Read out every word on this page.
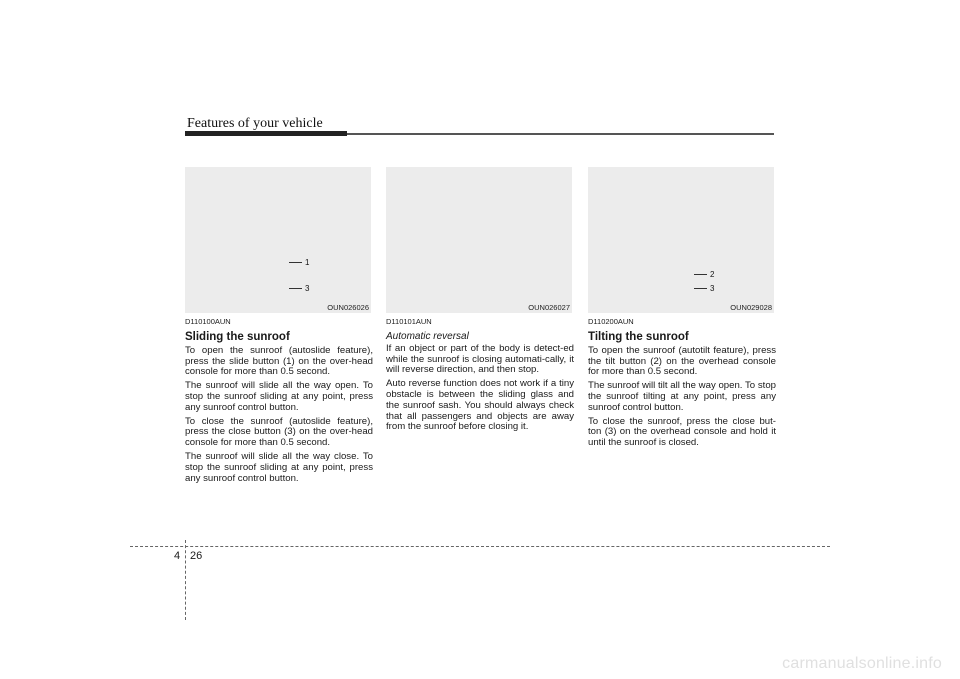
Features of your vehicle
1
3
OUN026026	OUN026027
2
3
OUN029028
D110100AUN
Sliding the sunroof

To open the sunroof (autoslide feature), press the slide button (1) on the over-head console for more than 0.5 second.

The sunroof will slide all the way open. To stop the sunroof sliding at any point, press any sunroof control button.

To close the sunroof (autoslide feature), press the close button (3) on the over-head console for more than 0.5 second.

The sunroof will slide all the way close. To stop the sunroof sliding at any point, press any sunroof control button.

D110101AUN
Automatic reversal

If an object or part of the body is detect-ed while the sunroof is closing automati-cally, it will reverse direction, and then stop.

Auto reverse function does not work if a tiny obstacle is between the sliding glass and the sunroof sash. You should always check that all passengers and objects are away from the sunroof before closing it.

D110200AUN
Tilting the sunroof

To open the sunroof (autotilt feature), press the tilt button (2) on the overhead console for more than 0.5 second.

The sunroof will tilt all the way open. To stop the sunroof tilting at any point, press any sunroof control button.

To close the sunroof, press the close but-ton (3) on the overhead console and hold it until the sunroof is closed.

4 26
carmanualsonline.info
